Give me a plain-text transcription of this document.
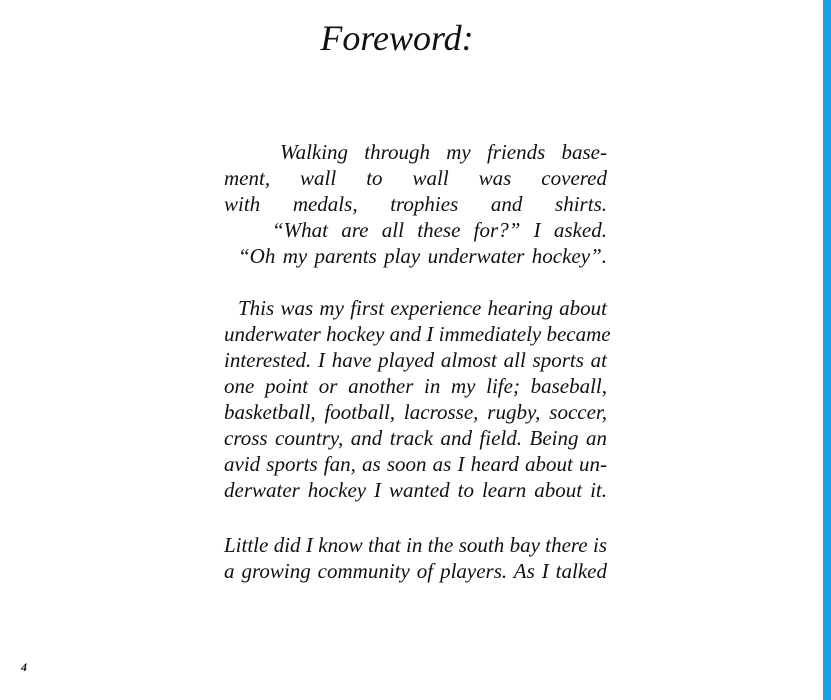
Foreword:
Walking through my friends base-
ment, wall to wall was covered
with medals, trophies and shirts.
“What are all these for?” I asked.
“Oh my parents play underwater hockey”.
This was my first experience hearing about
underwater hockey and I immediately became
interested. I have played almost all sports at
one point or another in my life; baseball,
basketball, football, lacrosse, rugby, soccer,
cross country, and track and field. Being an
avid sports fan, as soon as I heard about un-
derwater hockey I wanted to learn about it.
Little did I know that in the south bay there is
a growing community of players. As I talked
4
